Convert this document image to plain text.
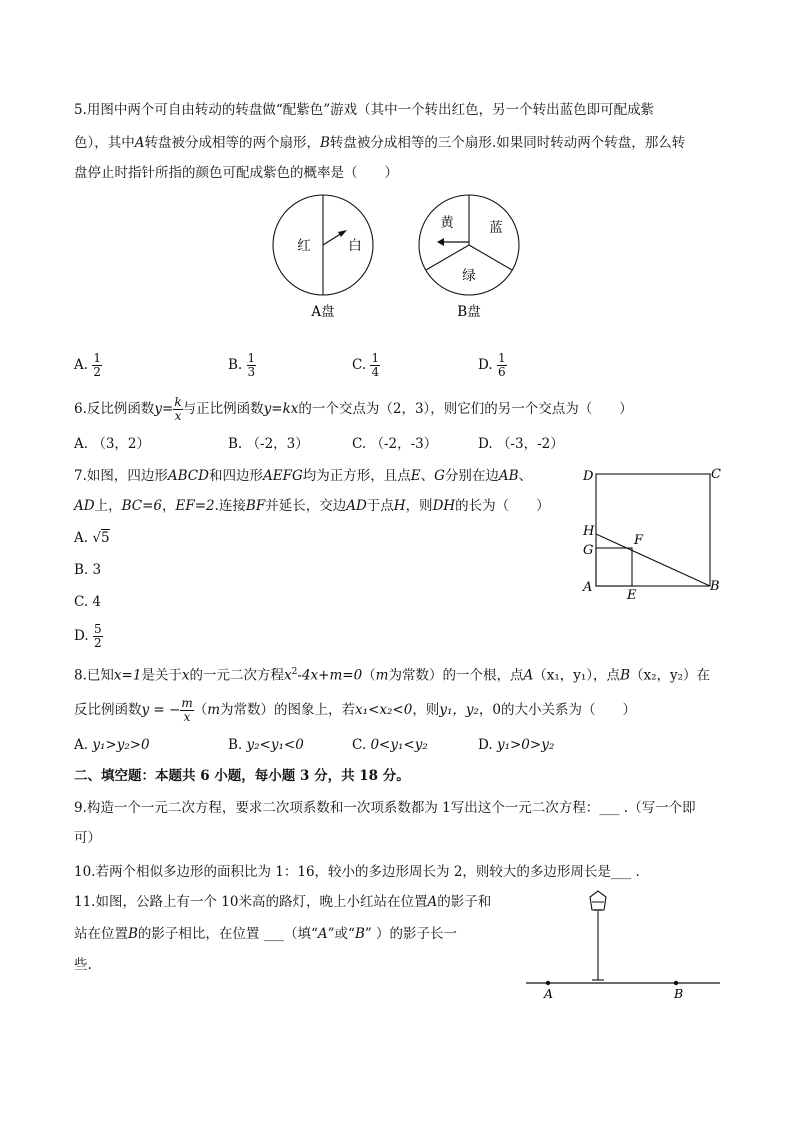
5.用图中两个可自由转动的转盘做“配紫色”游戏（其中一个转出红色，另一个转出蓝色即可配成紫
色），其中A转盘被分成相等的两个扇形，B转盘被分成相等的三个扇形.如果同时转动两个转盘，那么转
盘停止时指针所指的颜色可配成紫色的概率是（　　）
红	白
A盘
黄	蓝
绿
B盘
A. $\frac{1}{2}$	B. $\frac{1}{3}$	C. $\frac{1}{4}$	D. $\frac{1}{6}$
6.反比例函数$y= \frac{k}{x}$ 与正比例函数y=kx的一个交点为（2，3），则它们的另一个交点为（　　）
A. （3，2）	B. （-2，3）	C. （-2，-3）	D. （-3，-2）
7.如图，四边形ABCD和四边形AEFG均为正方形，且点E、G分别在边AB、
AD上，BC=6，EF=2.连接BF并延长，交边AD于点H，则DH的长为（　　）
A. √5
B. 3
C. 4
D. $\frac{5}{2}$
D	C
H
F
G
A
E
B
8.已知x=1是关于x的一元二次方程$x^2-4x+m=0(m$为常数）的一个根，点A（x₁，y₁），点B（x₂，y₂）在
反比例函数y = − $\frac{m}{x} (m$为常数）的图象上，若x₁<x₂<0，则y₁，y₂，0的大小关系为（　　）
A. y₁>y₂>0	B. y₂<y₁<0	C. 0<y₁<y₂	D. y₁>0>y₂
二、填空题：本题共 6 小题，每小题 3 分，共 18 分。
9.构造一个一元二次方程，要求二次项系数和一次项系数都为 1写出这个一元二次方程：___ .（写一个即
可）
10.若两个相似多边形的面积比为 1：16，较小的多边形周长为 2，则较大的多边形周长是___ .
11.如图，公路上有一个 10米高的路灯，晚上小红站在位置A的影子和
站在位置B的影子相比，在位置 ___（填“A”或“B” ）的影子长一
些.
A	B
